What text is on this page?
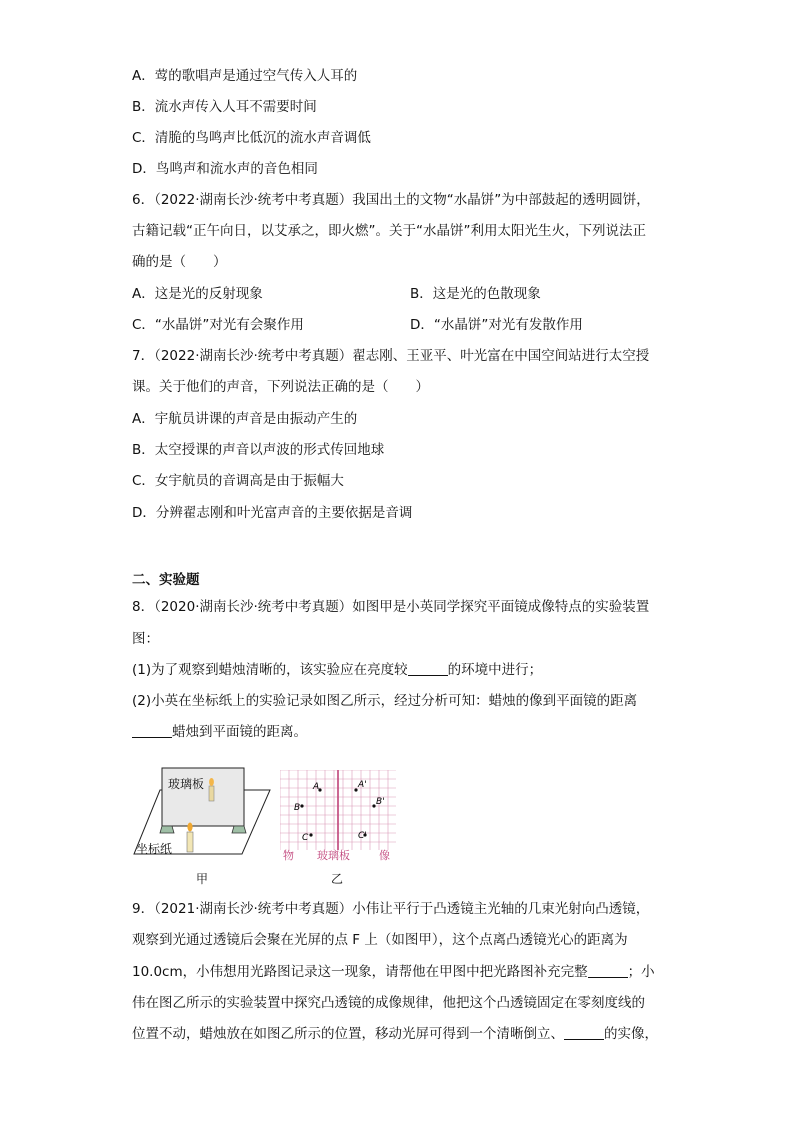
A．莺的歌唱声是通过空气传入人耳的
B．流水声传入人耳不需要时间
C．清脆的鸟鸣声比低沉的流水声音调低
D．鸟鸣声和流水声的音色相同
6．（2022·湖南长沙·统考中考真题）我国出土的文物“水晶饼”为中部鼓起的透明圆饼，
古籍记载“正午向日，以艾承之，即火燃”。关于“水晶饼”利用太阳光生火，下列说法正
确的是（　　）
A．这是光的反射现象	B．这是光的色散现象
C．“水晶饼”对光有会聚作用	D．“水晶饼”对光有发散作用
7．（2022·湖南长沙·统考中考真题）翟志刚、王亚平、叶光富在中国空间站进行太空授
课。关于他们的声音，下列说法正确的是（　　）
A．宇航员讲课的声音是由振动产生的
B．太空授课的声音以声波的形式传回地球
C．女宇航员的音调高是由于振幅大
D．分辨翟志刚和叶光富声音的主要依据是音调
二、实验题
8．（2020·湖南长沙·统考中考真题）如图甲是小英同学探究平面镜成像特点的实验装置
图：
(1)为了观察到蜡烛清晰的，该实验应在亮度较	的环境中进行；
(2)小英在坐标纸上的实验记录如图乙所示，经过分析可知：蜡烛的像到平面镜的距离
蜡烛到平面镜的距离。
玻璃板
坐标纸
甲
A	A'
B
B'
C	C'
物 玻璃板	像
乙
9．（2021·湖南长沙·统考中考真题）小伟让平行于凸透镜主光轴的几束光射向凸透镜，
观察到光通过透镜后会聚在光屏的点 F 上（如图甲），这个点离凸透镜光心的距离为
10.0cm，小伟想用光路图记录这一现象，请帮他在甲图中把光路图补充完整	；小
伟在图乙所示的实验装置中探究凸透镜的成像规律，他把这个凸透镜固定在零刻度线的
位置不动，蜡烛放在如图乙所示的位置，移动光屏可得到一个清晰倒立、	的实像，
